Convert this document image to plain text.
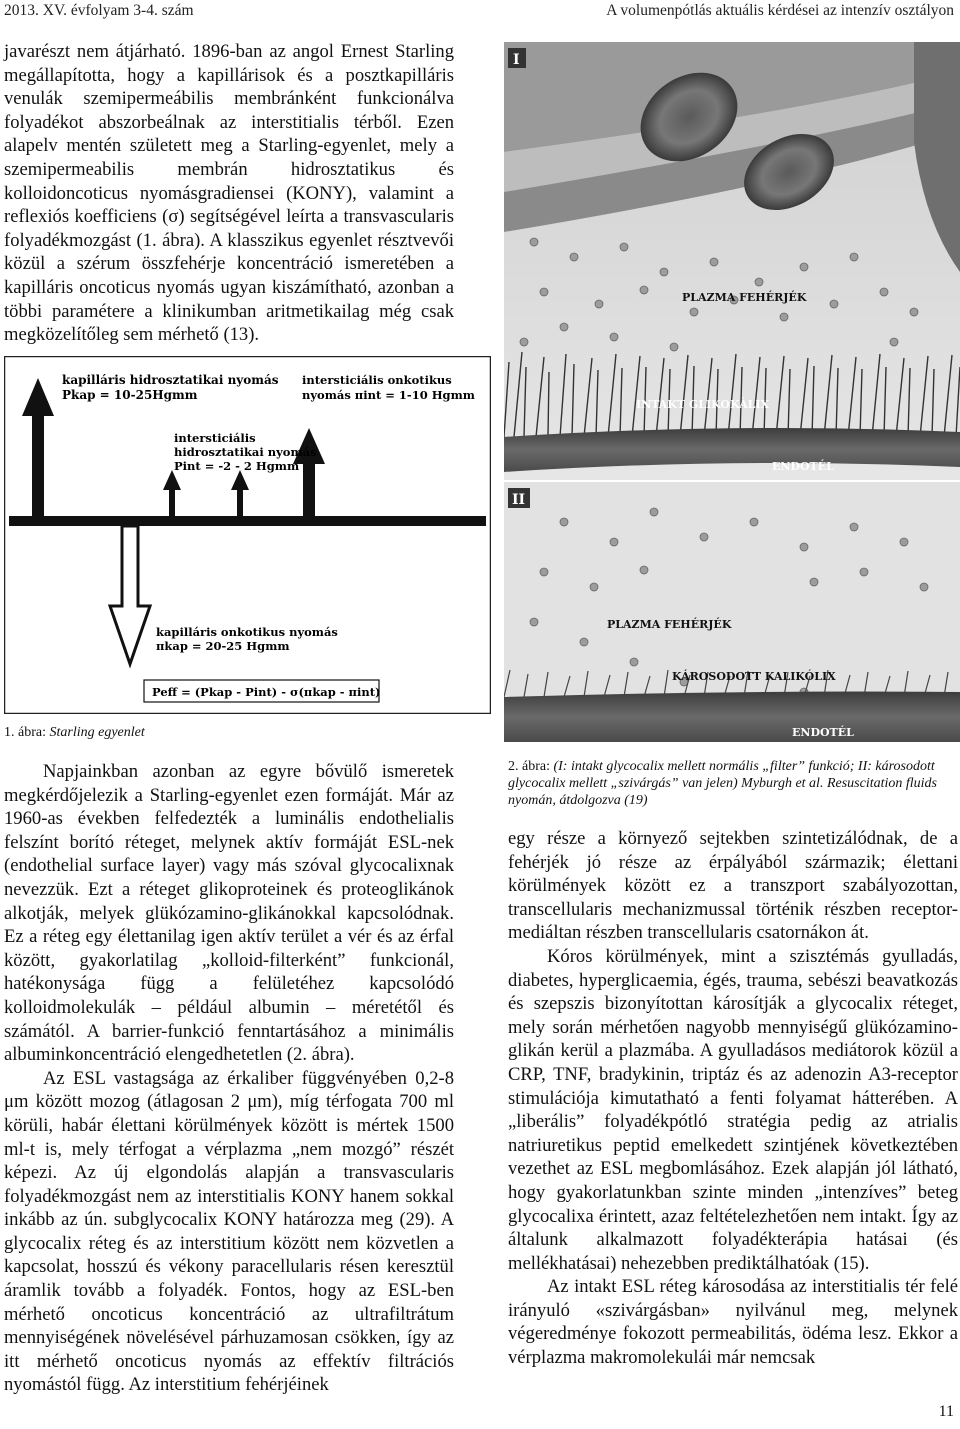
2013. XV. évfolyam 3-4. szám	A volumenpótlás aktuális kérdései az intenzív osztályon

javarészt nem átjárható. 1896-ban az angol Ernest Starling megállapította, hogy a kapillárisok és a posztkapilláris venulák szemipermeábilis membránként funkcionálva folyadékot abszorbeálnak az interstitialis térből. Ezen alapelv mentén született meg a Starling-egyenlet, mely a szemipermeabilis membrán hidrosztatikus és kolloidoncoticus nyomásgradiensei (KONY), valamint a reflexiós koefficiens (σ) segítségével leírta a transvascularis folyadékmozgást (1. ábra). A klasszikus egyenlet résztvevői közül a szérum összfehérje koncentráció ismeretében a kapilláris oncoticus nyomás ugyan kiszámítható, azonban a többi paramétere a klinikumban aritmetikailag még csak megközelítőleg sem mérhető (13).

kapilláris hidrosztatikai nyomás
Pkap = 10-25Hgmm
intersticiális onkotikus
nyomás πint = 1-10 Hgmm
intersticiális
hidrosztatikai nyomás
Pint = -2 - 2 Hgmm
kapilláris onkotikus nyomás
πkap = 20-25 Hgmm
Peff = (Pkap - Pint) - σ(πkap - πint)
1. ábra: Starling egyenlet

Napjainkban azonban az egyre bővülő ismeretek megkérdőjelezik a Starling-egyenlet ezen formáját. Már az 1960-as években felfedezték a luminális endothelialis felszínt borító réteget, melynek aktív formáját ESL-nek (endothelial surface layer) vagy más szóval glycocalixnak nevezzük. Ezt a réteget glikoproteinek és proteoglikánok alkotják, melyek glükózamino-glikánokkal kapcsolódnak. Ez a réteg egy élettanilag igen aktív terület a vér és az érfal között, gyakorlatilag „kolloid-filterként” funkcionál, hatékonysága függ a felületéhez kapcsolódó kolloidmolekulák – például albumin – méretétől és számától. A barrier-funkció fenntartásához a minimális albuminkoncentráció elengedhetetlen (2. ábra).

Az ESL vastagsága az érkaliber függvényében 0,2-8 μm között mozog (átlagosan 2 μm), míg térfogata 700 ml körüli, habár élettani körülmények között is mértek 1500 ml-t is, mely térfogat a vérplazma „nem mozgó” részét képezi. Az új elgondolás alapján a transvascularis folyadékmozgást nem az interstitialis KONY hanem sokkal inkább az ún. subglycocalix KONY határozza meg (29). A glycocalix réteg és az interstitium között nem közvetlen a kapcsolat, hosszú és vékony paracellularis résen keresztül áramlik tovább a folyadék. Fontos, hogy az ESL-ben mérhető oncoticus koncentráció az ultrafiltrátum mennyiségének növelésével párhuzamosan csökken, így az itt mérhető oncoticus nyomás az effektív filtrációs nyomástól függ. Az interstitium fehérjéinek

I
PLAZMA FEHÉRJÉK
INTAKT GLIKOKÁLIX
ENDOTÉL
II
PLAZMA FEHÉRJÉK
KÁROSODOTT KALIKÓLIX
ENDOTÉL
2. ábra: (I: intakt glycocalix mellett normális „filter” funkció; II: károsodott glycocalix mellett „szivárgás” van jelen) Myburgh et al. Resuscitation fluids nyomán, átdolgozva (19)

egy része a környező sejtekben szintetizálódnak, de a fehérjék jó része az érpályából származik; élettani körülmények között ez a transzport szabályozottan, transcellularis mechanizmussal történik részben receptor-mediáltan részben transcellularis csatornákon át.

Kóros körülmények, mint a szisztémás gyulladás, diabetes, hyperglicaemia, égés, trauma, sebészi beavatkozás és szepszis bizonyítottan károsítják a glycocalix réteget, mely során mérhetően nagyobb mennyiségű glükózamino-glikán kerül a plazmába. A gyulladásos mediátorok közül a CRP, TNF, bradykinin, triptáz és az adenozin A3-receptor stimulációja kimutatható a fenti folyamat hátterében. A „liberális” folyadékpótló stratégia pedig az atrialis natriuretikus peptid emelkedett szintjének következtében vezethet az ESL megbomlásához. Ezek alapján jól látható, hogy gyakorlatunkban szinte minden „intenzíves” beteg glycocalixa érintett, azaz feltételezhetően nem intakt. Így az általunk alkalmazott folyadékterápia hatásai (és mellékhatásai) nehezebben prediktálhatóak (15).

Az intakt ESL réteg károsodása az interstitialis tér felé irányuló «szivárgásban» nyilvánul meg, melynek végeredménye fokozott permeabilitás, ödéma lesz. Ekkor a vérplazma makromolekulái már nemcsak

11
